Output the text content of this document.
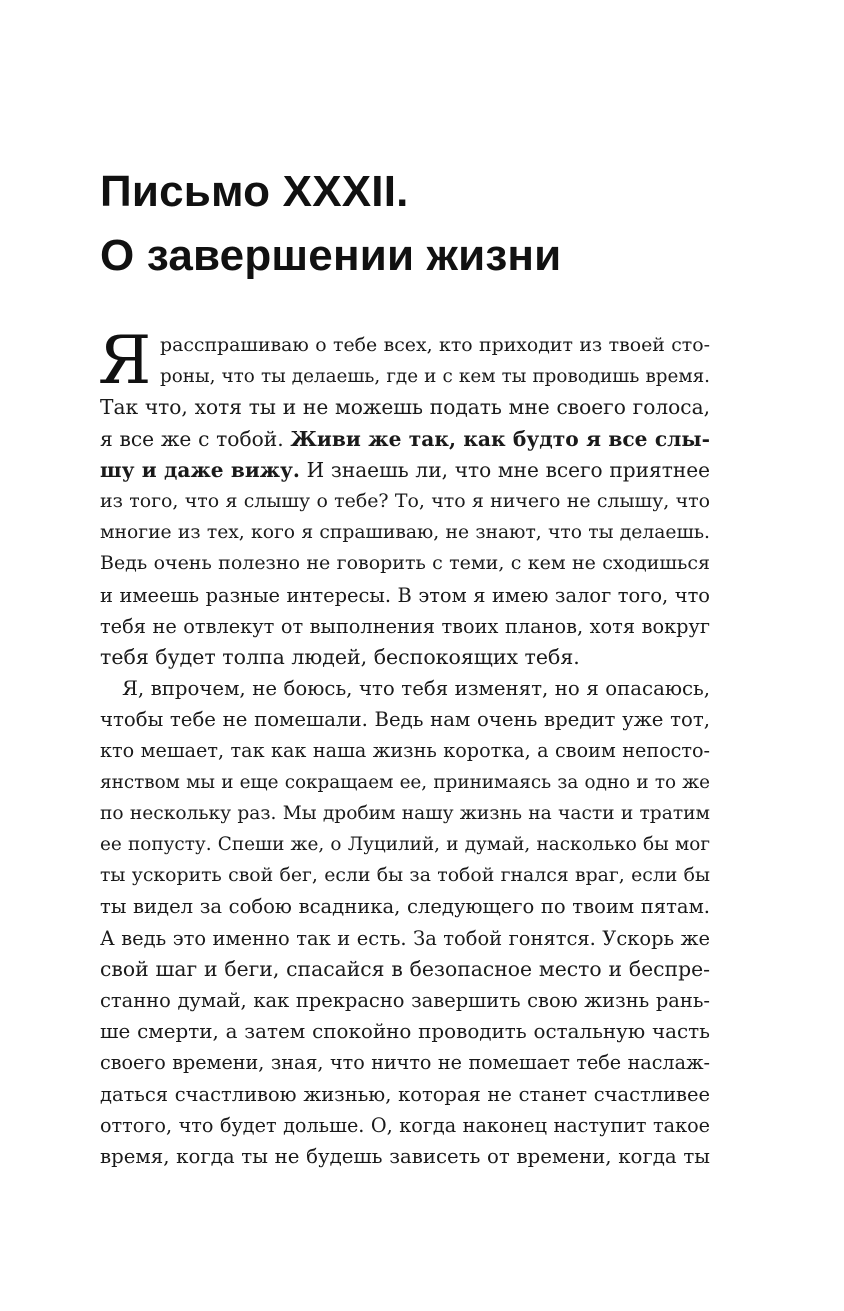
Письмо XXXII.
О завершении жизни
Я расспрашиваю о тебе всех, кто приходит из твоей сто-
роны, что ты делаешь, где и с кем ты проводишь время.
Так что, хотя ты и не можешь подать мне своего голоса,
я все же с тобой. Живи же так, как будто я все слы-
шу и даже вижу. И знаешь ли, что мне всего приятнее
из того, что я слышу о тебе? То, что я ничего не слышу, что
многие из тех, кого я спрашиваю, не знают, что ты делаешь.
Ведь очень полезно не говорить с теми, с кем не сходишься
и имеешь разные интересы. В этом я имею залог того, что
тебя не отвлекут от выполнения твоих планов, хотя вокруг
тебя будет толпа людей, беспокоящих тебя.
Я, впрочем, не боюсь, что тебя изменят, но я опасаюсь,
чтобы тебе не помешали. Ведь нам очень вредит уже тот,
кто мешает, так как наша жизнь коротка, а своим непосто-
янством мы и еще сокращаем ее, принимаясь за одно и то же
по нескольку раз. Мы дробим нашу жизнь на части и тратим
ее попусту. Спеши же, о Луцилий, и думай, насколько бы мог
ты ускорить свой бег, если бы за тобой гнался враг, если бы
ты видел за собою всадника, следующего по твоим пятам.
А ведь это именно так и есть. За тобой гонятся. Ускорь же
свой шаг и беги, спасайся в безопасное место и беспре-
станно думай, как прекрасно завершить свою жизнь рань-
ше смерти, а затем спокойно проводить остальную часть
своего времени, зная, что ничто не помешает тебе наслаж-
даться счастливою жизнью, которая не станет счастливее
оттого, что будет дольше. О, когда наконец наступит такое
время, когда ты не будешь зависеть от времени, когда ты
